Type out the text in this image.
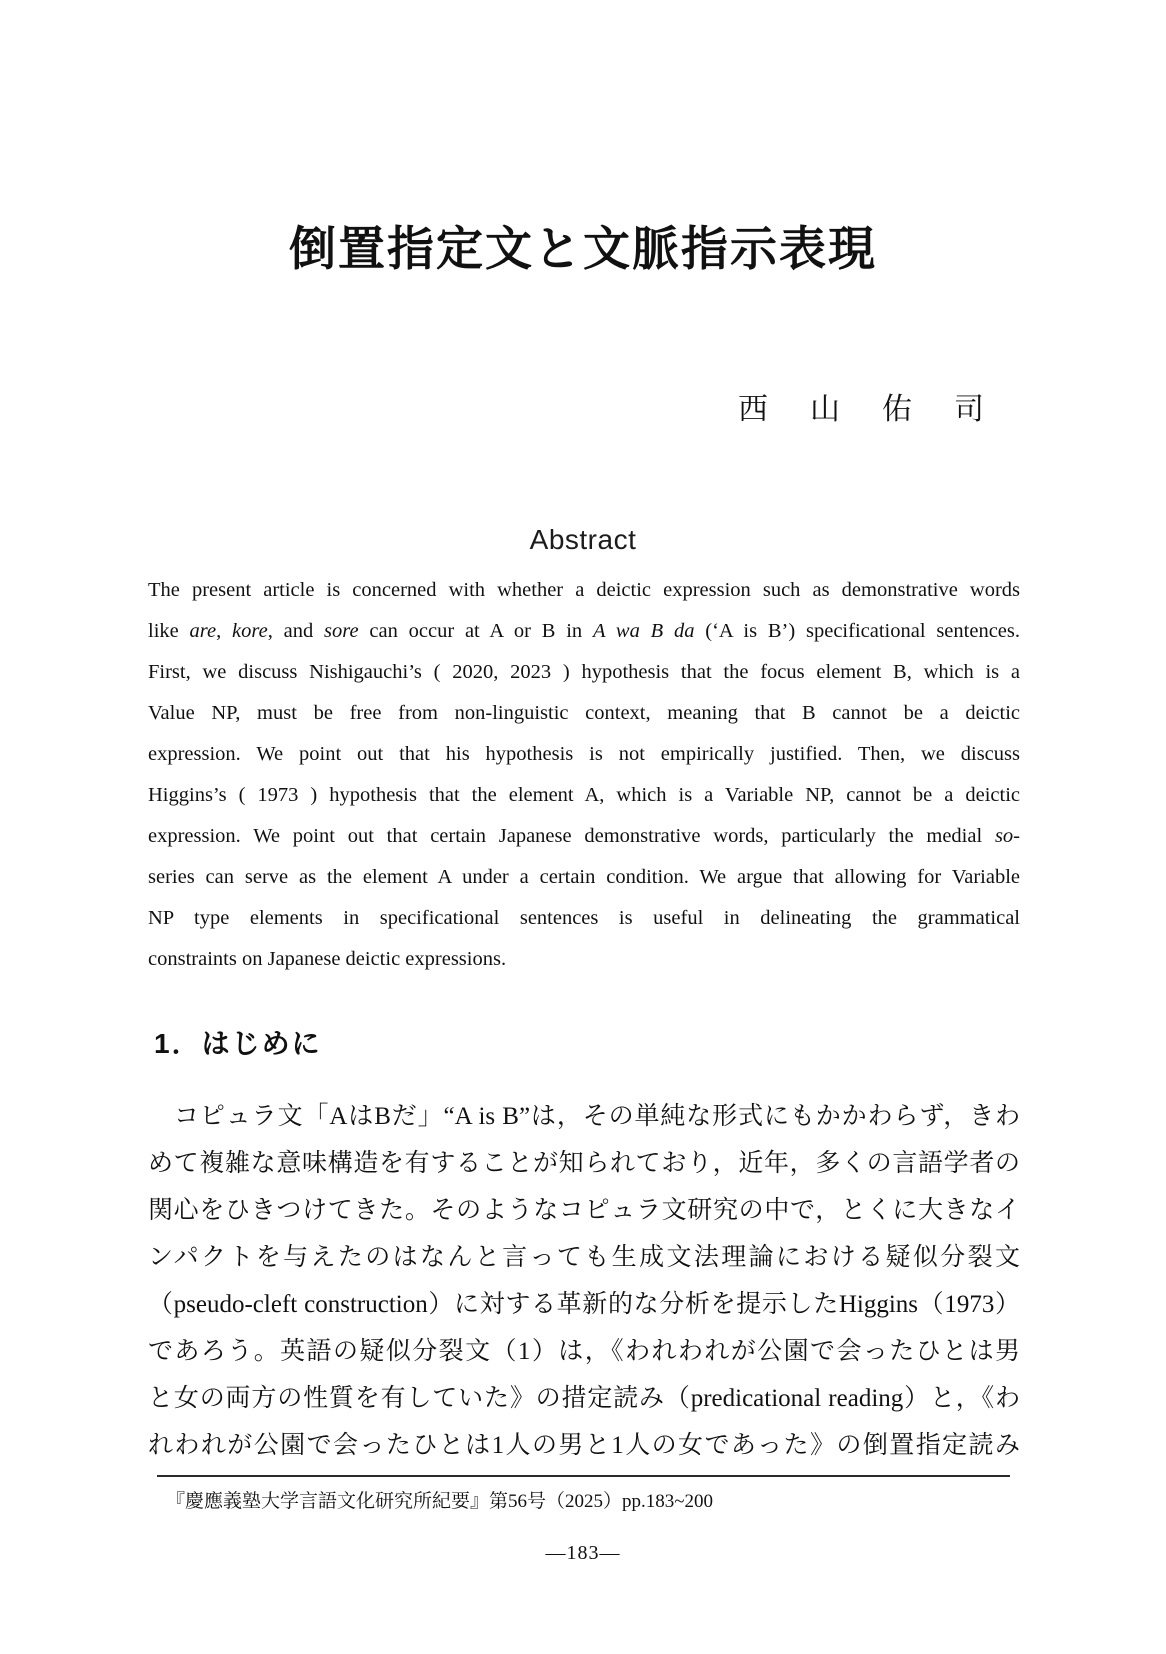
倒置指定文と文脈指示表現
西　山　佑　司
Abstract
The present article is concerned with whether a deictic expression such as demonstrative words
like are, kore, and sore can occur at A or B in A wa B da (‘A is B’) specificational sentences.
First, we discuss Nishigauchi’s ( 2020, 2023 ) hypothesis that the focus element B, which is a
Value NP, must be free from non-linguistic context, meaning that B cannot be a deictic
expression. We point out that his hypothesis is not empirically justified. Then, we discuss
Higgins’s ( 1973 ) hypothesis that the element A, which is a Variable NP, cannot be a deictic
expression. We point out that certain Japanese demonstrative words, particularly the medial so-
series can serve as the element A under a certain condition. We argue that allowing for Variable
NP type elements in specificational sentences is useful in delineating the grammatical
constraints on Japanese deictic expressions.
1．はじめに
コピュラ文「AはBだ」“A is B”は，その単純な形式にもかかわらず，きわ
めて複雑な意味構造を有することが知られており，近年，多くの言語学者の
関心をひきつけてきた。そのようなコピュラ文研究の中で，とくに大きなイ
ンパクトを与えたのはなんと言っても生成文法理論における疑似分裂文
（pseudo-cleft construction）に対する革新的な分析を提示したHiggins（1973）
であろう。英語の疑似分裂文（1）は，《われわれが公園で会ったひとは男
と女の両方の性質を有していた》の措定読み（predicational reading）と，《わ
れわれが公園で会ったひとは1人の男と1人の女であった》の倒置指定読み
『慶應義塾大学言語文化研究所紀要』第56号（2025）pp.183~200
—183—
